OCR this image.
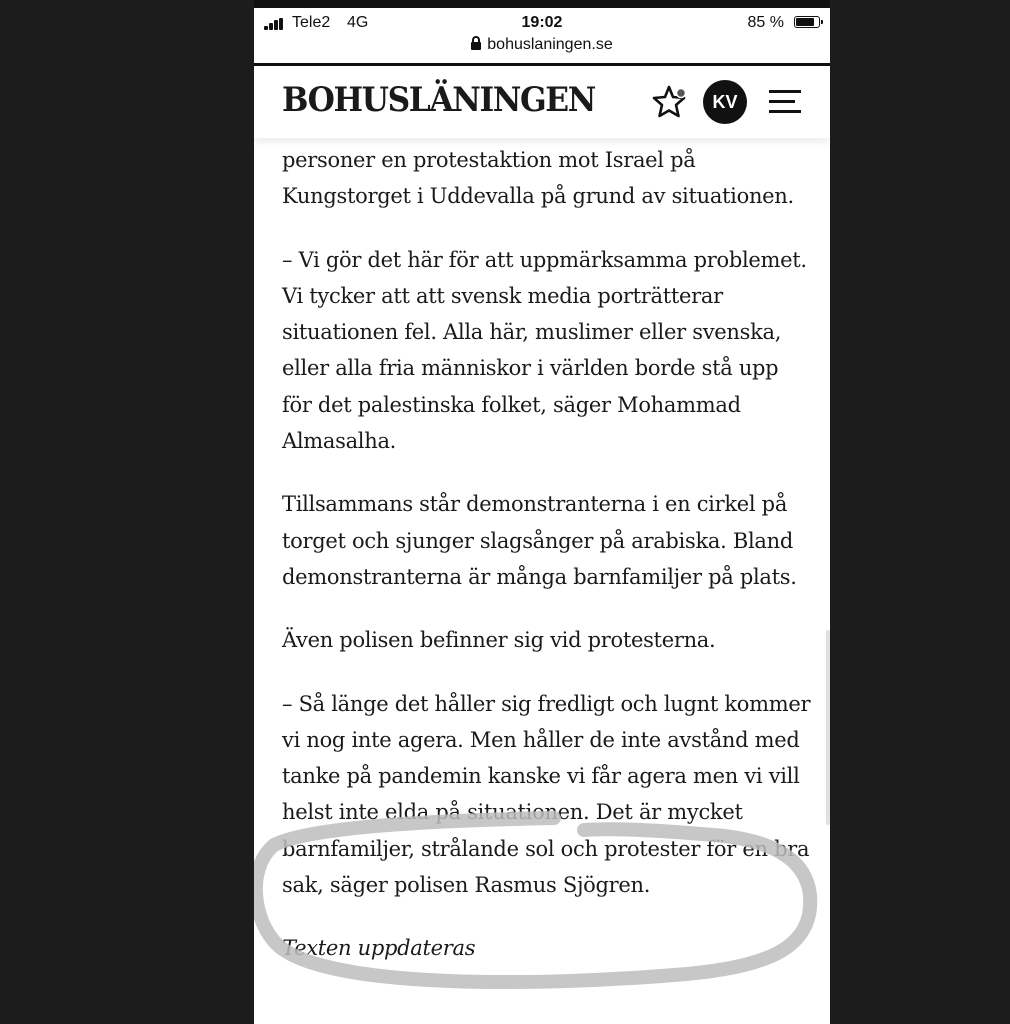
Tele2 4G	19:02	85 %
bohuslaningen.se
BOHUSLÄNINGEN	KV

personer en protestaktion mot Israel på Kungstorget i Uddevalla på grund av situationen.

– Vi gör det här för att uppmärksamma problemet. Vi tycker att att svensk media porträtterar situationen fel. Alla här, muslimer eller svenska, eller alla fria människor i världen borde stå upp för det palestinska folket, säger Mohammad Almasalha.

Tillsammans står demonstranterna i en cirkel på torget och sjunger slagsånger på arabiska. Bland demonstranterna är många barnfamiljer på plats.

Även polisen befinner sig vid protesterna.

– Så länge det håller sig fredligt och lugnt kommer vi nog inte agera. Men håller de inte avstånd med tanke på pandemin kanske vi får agera men vi vill helst inte elda på situationen. Det är mycket barnfamiljer, strålande sol och protester för en bra sak, säger polisen Rasmus Sjögren.

Texten uppdateras
